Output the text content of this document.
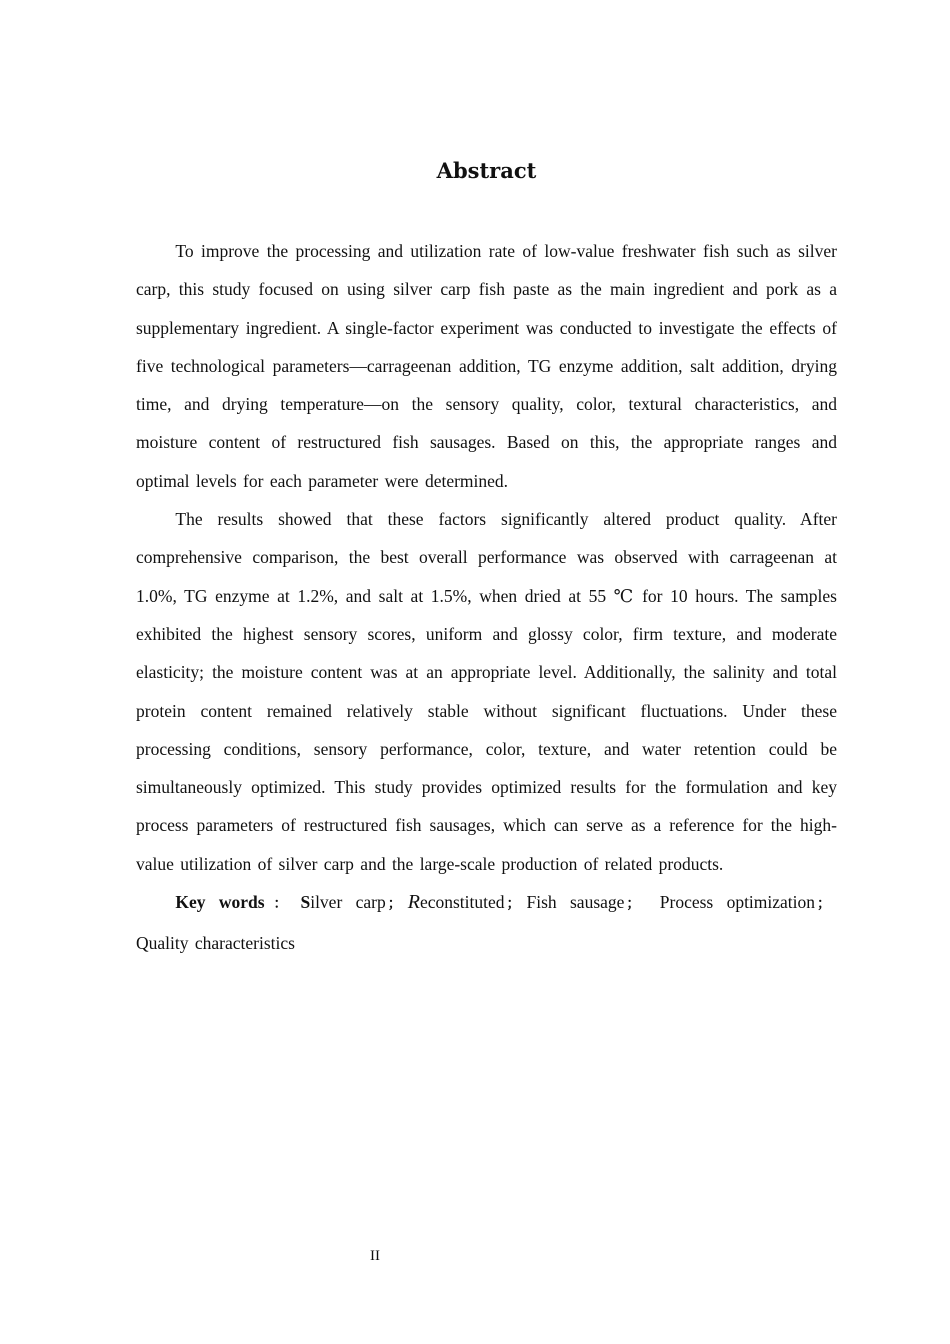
Abstract

To improve the processing and utilization rate of low-value freshwater fish such as silver carp, this study focused on using silver carp fish paste as the main ingredient and pork as a supplementary ingredient. A single-factor experiment was conducted to investigate the effects of five technological parameters—carrageenan addition, TG enzyme addition, salt addition, drying time, and drying temperature—on the sensory quality, color, textural characteristics, and moisture content of restructured fish sausages. Based on this, the appropriate ranges and optimal levels for each parameter were determined.

The results showed that these factors significantly altered product quality. After comprehensive comparison, the best overall performance was observed with carrageenan at 1.0%, TG enzyme at 1.2%, and salt at 1.5%, when dried at 55 ℃ for 10 hours. The samples exhibited the highest sensory scores, uniform and glossy color, firm texture, and moderate elasticity; the moisture content was at an appropriate level. Additionally, the salinity and total protein content remained relatively stable without significant fluctuations. Under these processing conditions, sensory performance, color, texture, and water retention could be simultaneously optimized. This study provides optimized results for the formulation and key process parameters of restructured fish sausages, which can serve as a reference for the high-value utilization of silver carp and the large-scale production of related products.

Key words ： Silver carp ； Reconstituted ； Fish sausage ； Process optimization ； Quality characteristics

II
